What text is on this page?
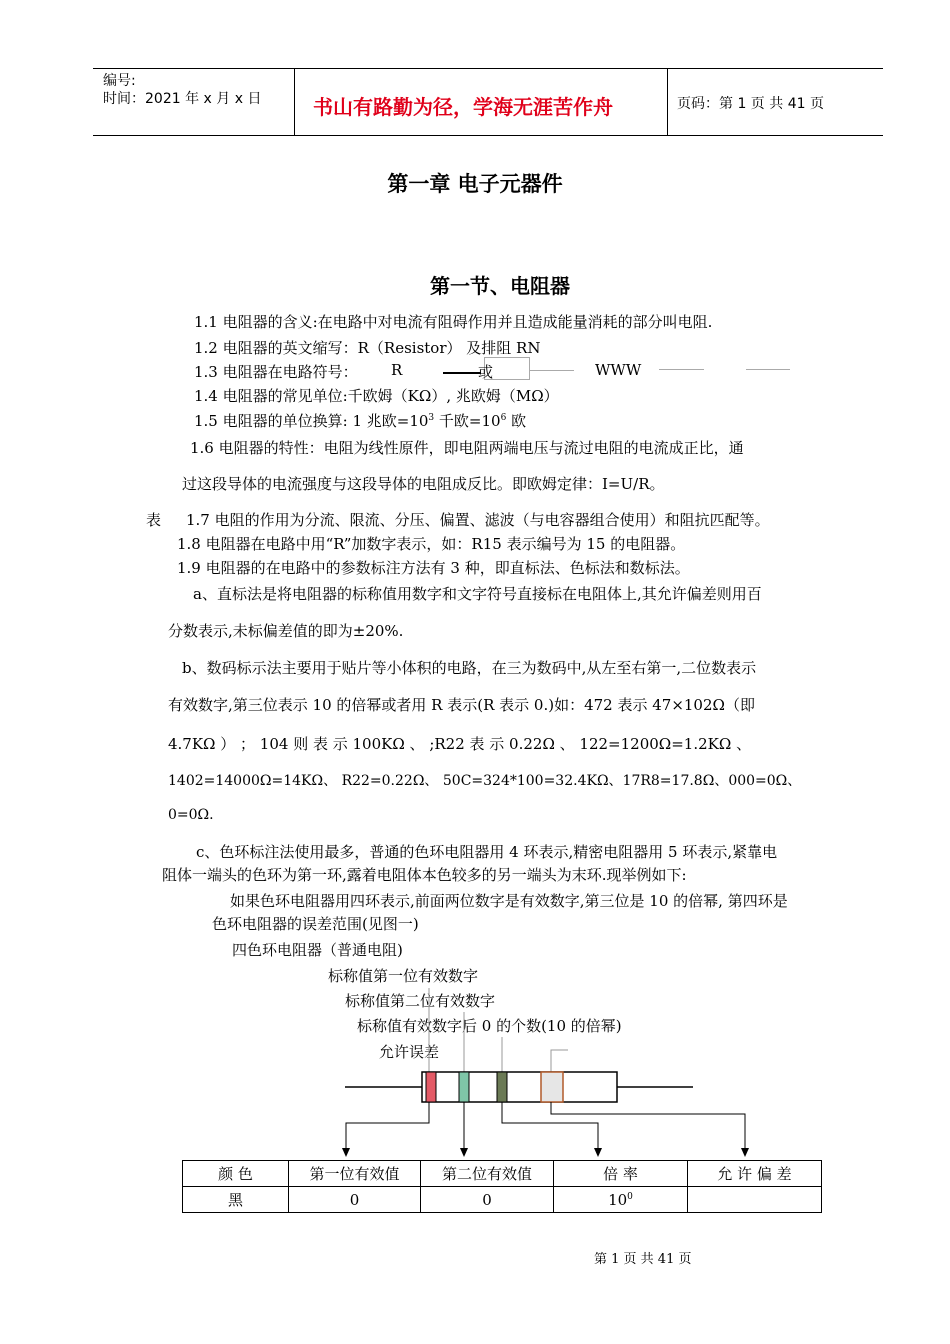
编号:
时间：2021 年 x 月 x 日	书山有路勤为径，学海无涯苦作舟	页码：第 1 页 共 41 页
第一章 电子元器件
第一节、电阻器
1.1 电阻器的含义:在电路中对电流有阻碍作用并且造成能量消耗的部分叫电阻.
1.2 电阻器的英文缩写：R（Resistor） 及排阻 RN
1.3 电阻器在电路符号： R	或	WWW
1.4 电阻器的常见单位:千欧姆（KΩ）, 兆欧姆（MΩ）
1.5 电阻器的单位换算: 1 兆欧$=10^3$ 千欧$=10^6$ 欧
1.6 电阻器的特性：电阻为线性原件，即电阻两端电压与流过电阻的电流成正比，通
过这段导体的电流强度与这段导体的电阻成反比。即欧姆定律：I=U/R。
表 1.7 电阻的作用为分流、限流、分压、偏置、滤波（与电容器组合使用）和阻抗匹配等。
1.8 电阻器在电路中用“R”加数字表示，如：R15 表示编号为 15 的电阻器。
1.9 电阻器的在电路中的参数标注方法有 3 种，即直标法、色标法和数标法。
a、直标法是将电阻器的标称值用数字和文字符号直接标在电阻体上,其允许偏差则用百
分数表示,未标偏差值的即为±20%.
b、数码标示法主要用于贴片等小体积的电路，在三为数码中,从左至右第一,二位数表示
有效数字,第三位表示 10 的倍幂或者用 R 表示(R 表示 0.)如：472 表示 47×102Ω（即
4.7KΩ ） ； 104 则 表 示 100KΩ 、 ;R22 表 示 0.22Ω 、 122=1200Ω=1.2KΩ 、
1402=14000Ω=14KΩ、 R22=0.22Ω、 50C=324*100=32.4KΩ、17R8=17.8Ω、000=0Ω、
0=0Ω.
c、色环标注法使用最多，普通的色环电阻器用 4 环表示,精密电阻器用 5 环表示,紧靠电
阻体一端头的色环为第一环,露着电阻体本色较多的另一端头为末环.现举例如下:
如果色环电阻器用四环表示,前面两位数字是有效数字,第三位是 10 的倍幂, 第四环是
色环电阻器的误差范围(见图一)
四色环电阻器（普通电阻)
标称值第一位有效数字
标称值第二位有效数字
标称值有效数字后 0 的个数(10 的倍幂)
允许误差
颜 色	第一位有效值	第二位有效值	倍 率	允 许 偏 差
黑	0	0	$10^0$	
第 1 页 共 41 页
